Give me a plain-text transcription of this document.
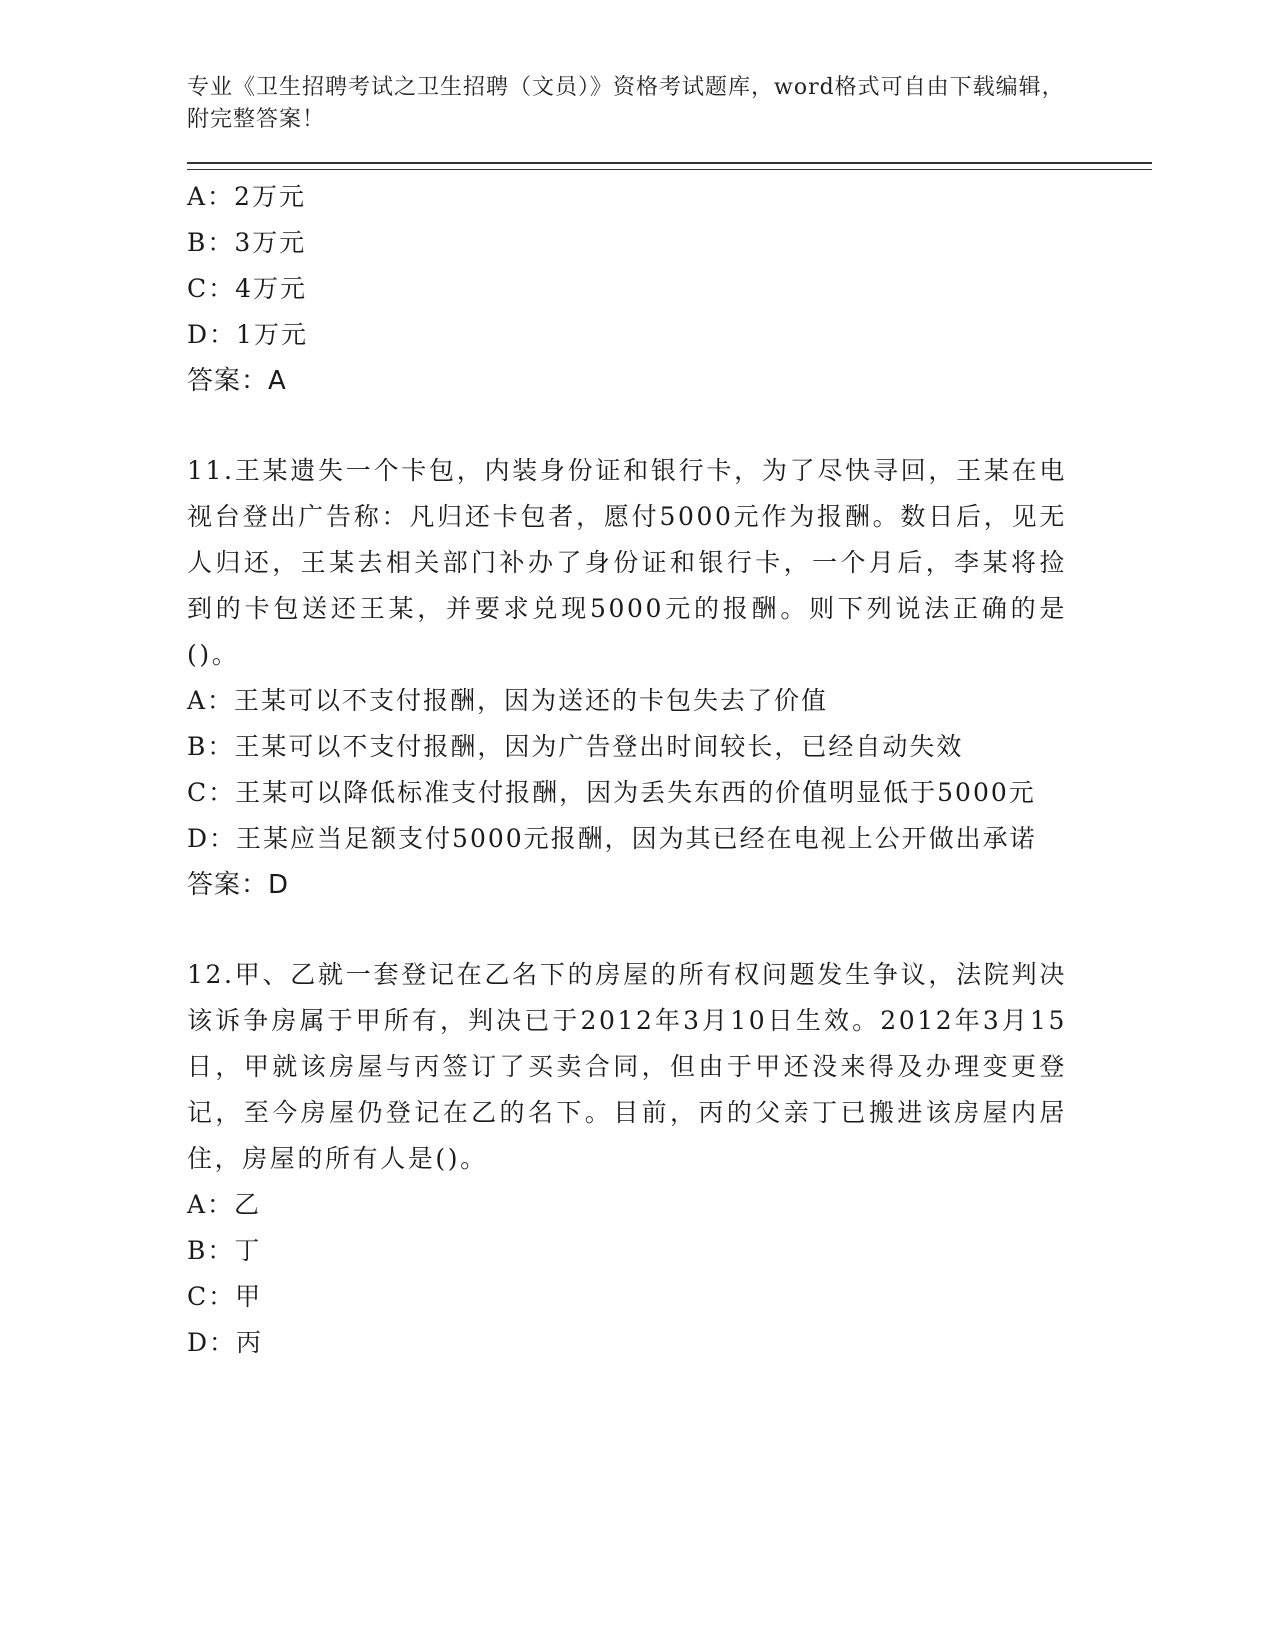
专业《卫生招聘考试之卫生招聘（文员）》资格考试题库，word格式可自由下载编辑，附完整答案！
A：2万元
B：3万元
C：4万元
D：1万元
答案：A
11.王某遗失一个卡包，内装身份证和银行卡，为了尽快寻回，王某在电视台登出广告称：凡归还卡包者，愿付5000元作为报酬。数日后，见无人归还，王某去相关部门补办了身份证和银行卡，一个月后，李某将捡到的卡包送还王某，并要求兑现5000元的报酬。则下列说法正确的是()。
A：王某可以不支付报酬，因为送还的卡包失去了价值
B：王某可以不支付报酬，因为广告登出时间较长，已经自动失效
C：王某可以降低标准支付报酬，因为丢失东西的价值明显低于5000元
D：王某应当足额支付5000元报酬，因为其已经在电视上公开做出承诺
答案：D
12.甲、乙就一套登记在乙名下的房屋的所有权问题发生争议，法院判决该诉争房属于甲所有，判决已于2012年3月10日生效。2012年3月15日，甲就该房屋与丙签订了买卖合同，但由于甲还没来得及办理变更登记，至今房屋仍登记在乙的名下。目前，丙的父亲丁已搬进该房屋内居住，房屋的所有人是()。
A：乙
B：丁
C：甲
D：丙
